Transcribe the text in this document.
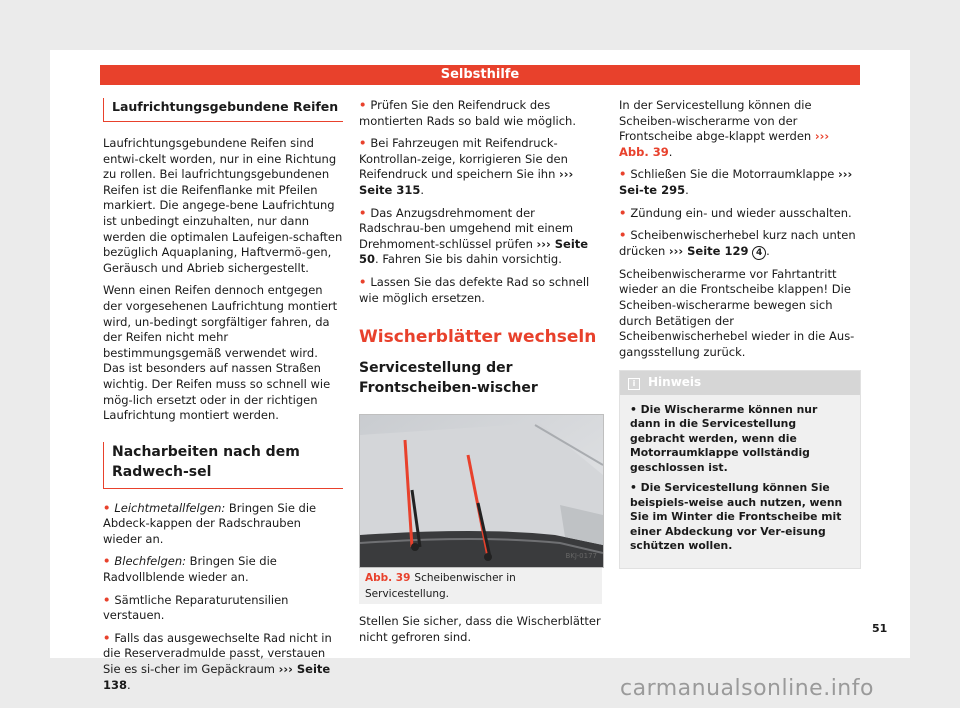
Selbsthilfe
Laufrichtungsgebundene Reifen

Laufrichtungsgebundene Reifen sind entwi-ckelt worden, nur in eine Richtung zu rollen. Bei laufrichtungsgebundenen Reifen ist die Reifenflanke mit Pfeilen markiert. Die angege-bene Laufrichtung ist unbedingt einzuhalten, nur dann werden die optimalen Laufeigen-schaften bezüglich Aquaplaning, Haftvermö-gen, Geräusch und Abrieb sichergestellt.

Wenn einen Reifen dennoch entgegen der vorgesehenen Laufrichtung montiert wird, un-bedingt sorgfältiger fahren, da der Reifen nicht mehr bestimmungsgemäß verwendet wird. Das ist besonders auf nassen Straßen wichtig. Der Reifen muss so schnell wie mög-lich ersetzt oder in der richtigen Laufrichtung montiert werden.

Nacharbeiten nach dem Radwech-sel

• Leichtmetallfelgen: Bringen Sie die Abdeck-kappen der Radschrauben wieder an.

• Blechfelgen: Bringen Sie die Radvollblende wieder an.

• Sämtliche Reparaturutensilien verstauen.

• Falls das ausgewechselte Rad nicht in die Reserveradmulde passt, verstauen Sie es si-cher im Gepäckraum ››› Seite 138.

• Prüfen Sie den Reifendruck des montierten Rads so bald wie möglich.

• Bei Fahrzeugen mit Reifendruck-Kontrollan-zeige, korrigieren Sie den Reifendruck und speichern Sie ihn ››› Seite 315.

• Das Anzugsdrehmoment der Radschrau-ben umgehend mit einem Drehmoment-schlüssel prüfen ››› Seite 50. Fahren Sie bis dahin vorsichtig.

• Lassen Sie das defekte Rad so schnell wie möglich ersetzen.

Wischerblätter wechseln
Servicestellung der Frontscheiben-wischer
BKJ-0177
Abb. 39 Scheibenwischer in Servicestellung.

Stellen Sie sicher, dass die Wischerblätter nicht gefroren sind.

In der Servicestellung können die Scheiben-wischerarme von der Frontscheibe abge-klappt werden ››› Abb. 39.

• Schließen Sie die Motorraumklappe ››› Sei-te 295.

• Zündung ein- und wieder ausschalten.

• Scheibenwischerhebel kurz nach unten drücken ››› Seite 129 4 .

Scheibenwischerarme vor Fahrtantritt wieder an die Frontscheibe klappen! Die Scheiben-wischerarme bewegen sich durch Betätigen der Scheibenwischerhebel wieder in die Aus-gangsstellung zurück.

i Hinweis

• Die Wischerarme können nur dann in die Servicestellung gebracht werden, wenn die Motorraumklappe vollständig geschlossen ist.

• Die Servicestellung können Sie beispiels-weise auch nutzen, wenn Sie im Winter die Frontscheibe mit einer Abdeckung vor Ver-eisung schützen wollen.

51
carmanualsonline.info
